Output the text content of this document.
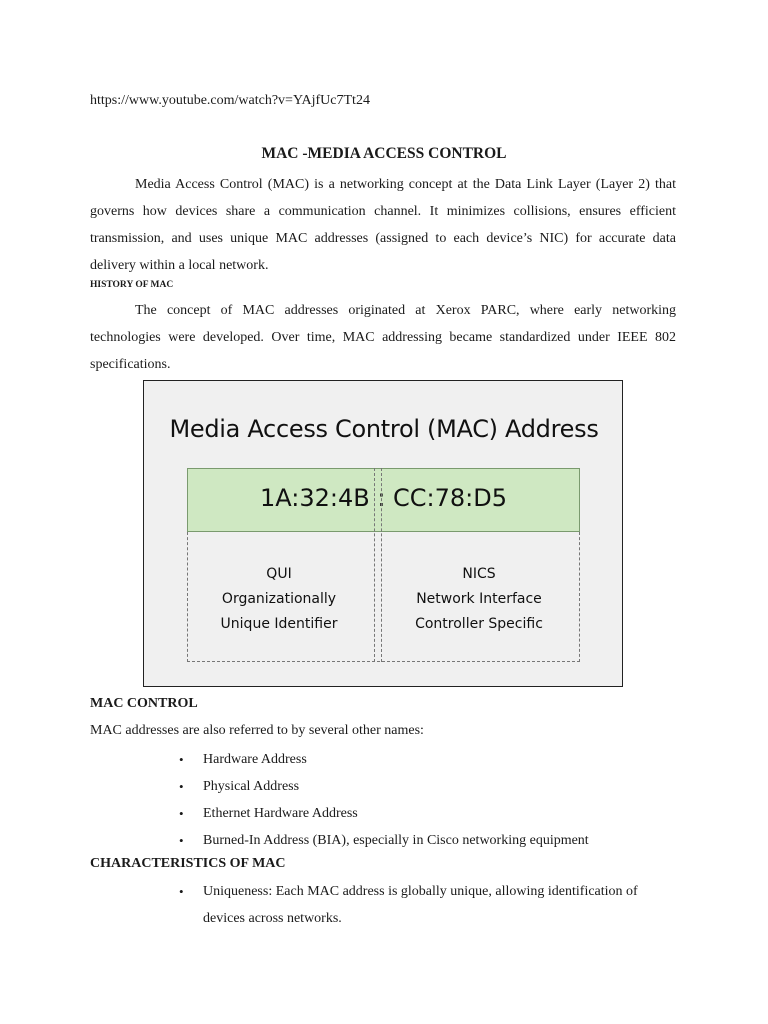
https://www.youtube.com/watch?v=YAjfUc7Tt24
MAC -MEDIA ACCESS CONTROL
Media Access Control (MAC) is a networking concept at the Data Link Layer (Layer 2) that governs how devices share a communication channel. It minimizes collisions, ensures efficient transmission, and uses unique MAC addresses (assigned to each device’s NIC) for accurate data delivery within a local network.
HISTORY OF MAC
The concept of MAC addresses originated at Xerox PARC, where early networking technologies were developed. Over time, MAC addressing became standardized under IEEE 802 specifications.
Media Access Control (MAC) Address
1A:32:4B : CC:78:D5
QUI
Organizationally
Unique Identifier
NICS
Network Interface
Controller Specific
MAC CONTROL
MAC addresses are also referred to by several other names:
• Hardware Address
• Physical Address
• Ethernet Hardware Address
• Burned-In Address (BIA), especially in Cisco networking equipment
CHARACTERISTICS OF MAC
• Uniqueness: Each MAC address is globally unique, allowing identification of devices across networks.
